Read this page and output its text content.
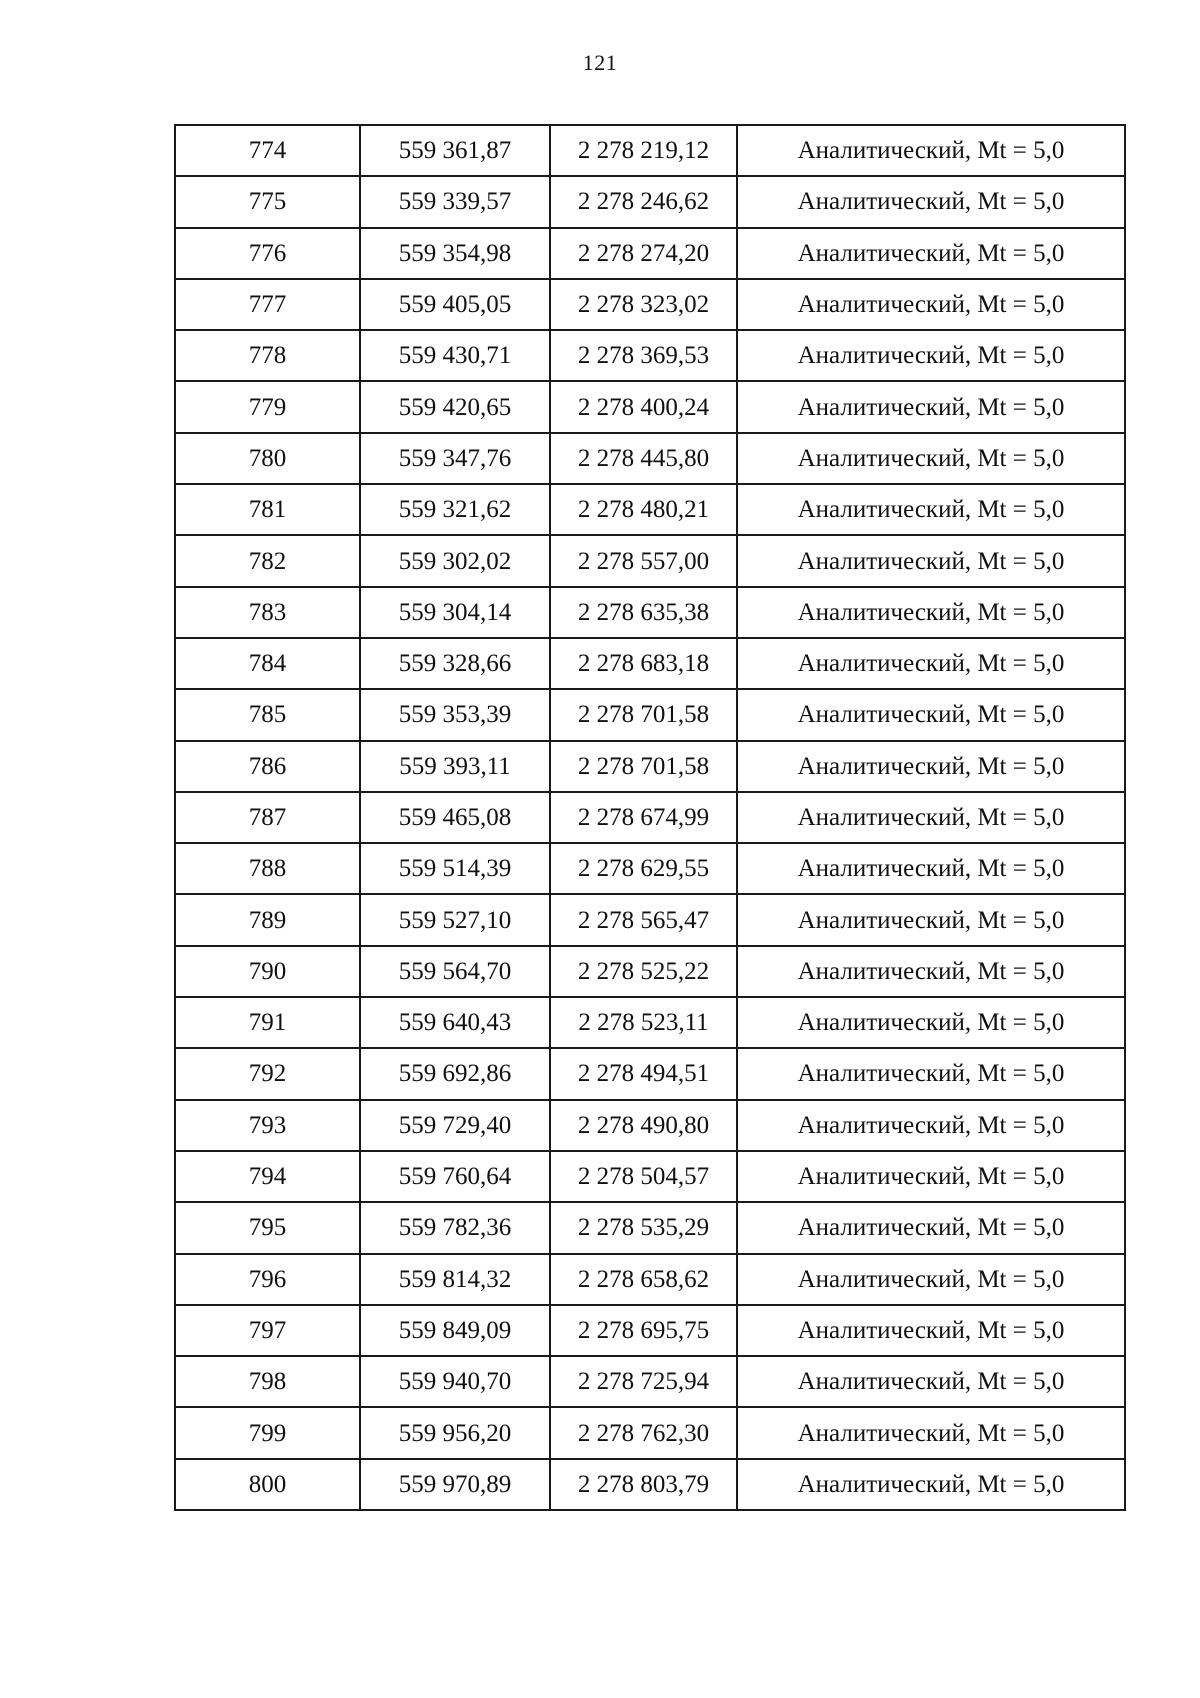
121
774	559 361,87	2 278 219,12	Аналитический, Mt = 5,0
775	559 339,57	2 278 246,62	Аналитический, Mt = 5,0
776	559 354,98	2 278 274,20	Аналитический, Mt = 5,0
777	559 405,05	2 278 323,02	Аналитический, Mt = 5,0
778	559 430,71	2 278 369,53	Аналитический, Mt = 5,0
779	559 420,65	2 278 400,24	Аналитический, Mt = 5,0
780	559 347,76	2 278 445,80	Аналитический, Mt = 5,0
781	559 321,62	2 278 480,21	Аналитический, Mt = 5,0
782	559 302,02	2 278 557,00	Аналитический, Mt = 5,0
783	559 304,14	2 278 635,38	Аналитический, Mt = 5,0
784	559 328,66	2 278 683,18	Аналитический, Mt = 5,0
785	559 353,39	2 278 701,58	Аналитический, Mt = 5,0
786	559 393,11	2 278 701,58	Аналитический, Mt = 5,0
787	559 465,08	2 278 674,99	Аналитический, Mt = 5,0
788	559 514,39	2 278 629,55	Аналитический, Mt = 5,0
789	559 527,10	2 278 565,47	Аналитический, Mt = 5,0
790	559 564,70	2 278 525,22	Аналитический, Mt = 5,0
791	559 640,43	2 278 523,11	Аналитический, Mt = 5,0
792	559 692,86	2 278 494,51	Аналитический, Mt = 5,0
793	559 729,40	2 278 490,80	Аналитический, Mt = 5,0
794	559 760,64	2 278 504,57	Аналитический, Mt = 5,0
795	559 782,36	2 278 535,29	Аналитический, Mt = 5,0
796	559 814,32	2 278 658,62	Аналитический, Mt = 5,0
797	559 849,09	2 278 695,75	Аналитический, Mt = 5,0
798	559 940,70	2 278 725,94	Аналитический, Mt = 5,0
799	559 956,20	2 278 762,30	Аналитический, Mt = 5,0
800	559 970,89	2 278 803,79	Аналитический, Mt = 5,0
